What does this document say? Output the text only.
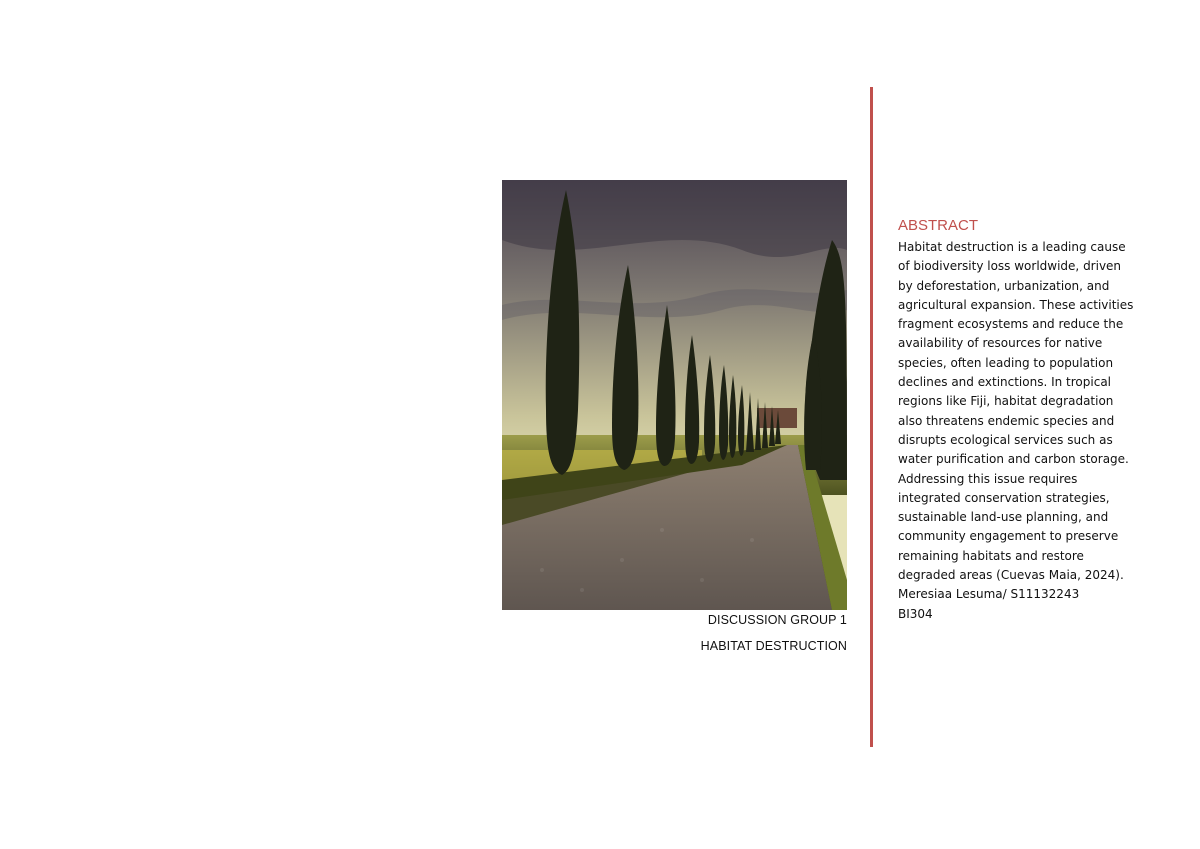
DISCUSSION GROUP 1
HABITAT DESTRUCTION
ABSTRACT

Habitat destruction is a leading cause
of biodiversity loss worldwide, driven
by deforestation, urbanization, and
agricultural expansion. These activities
fragment ecosystems and reduce the
availability of resources for native
species, often leading to population
declines and extinctions. In tropical
regions like Fiji, habitat degradation
also threatens endemic species and
disrupts ecological services such as
water purification and carbon storage.
Addressing this issue requires
integrated conservation strategies,
sustainable land-use planning, and
community engagement to preserve
remaining habitats and restore
degraded areas (Cuevas Maia, 2024).
Meresiaa Lesuma/ S11132243
BI304
